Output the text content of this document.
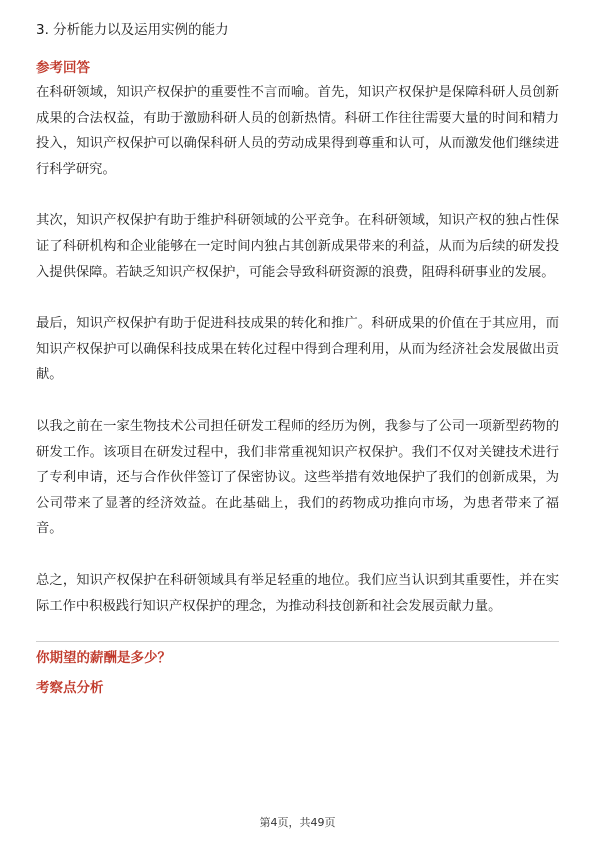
3. 分析能力以及运用实例的能力
参考回答

在科研领域，知识产权保护的重要性不言而喻。首先，知识产权保护是保障科研人员创新成果的合法权益，有助于激励科研人员的创新热情。科研工作往往需要大量的时间和精力投入，知识产权保护可以确保科研人员的劳动成果得到尊重和认可，从而激发他们继续进行科学研究。

其次，知识产权保护有助于维护科研领域的公平竞争。在科研领域，知识产权的独占性保证了科研机构和企业能够在一定时间内独占其创新成果带来的利益，从而为后续的研发投入提供保障。若缺乏知识产权保护，可能会导致科研资源的浪费，阻碍科研事业的发展。

最后，知识产权保护有助于促进科技成果的转化和推广。科研成果的价值在于其应用，而知识产权保护可以确保科技成果在转化过程中得到合理利用，从而为经济社会发展做出贡献。

以我之前在一家生物技术公司担任研发工程师的经历为例，我参与了公司一项新型药物的研发工作。该项目在研发过程中，我们非常重视知识产权保护。我们不仅对关键技术进行了专利申请，还与合作伙伴签订了保密协议。这些举措有效地保护了我们的创新成果，为公司带来了显著的经济效益。在此基础上，我们的药物成功推向市场，为患者带来了福音。

总之，知识产权保护在科研领域具有举足轻重的地位。我们应当认识到其重要性，并在实际工作中积极践行知识产权保护的理念，为推动科技创新和社会发展贡献力量。

你期望的薪酬是多少？
考察点分析
第4页，共49页
